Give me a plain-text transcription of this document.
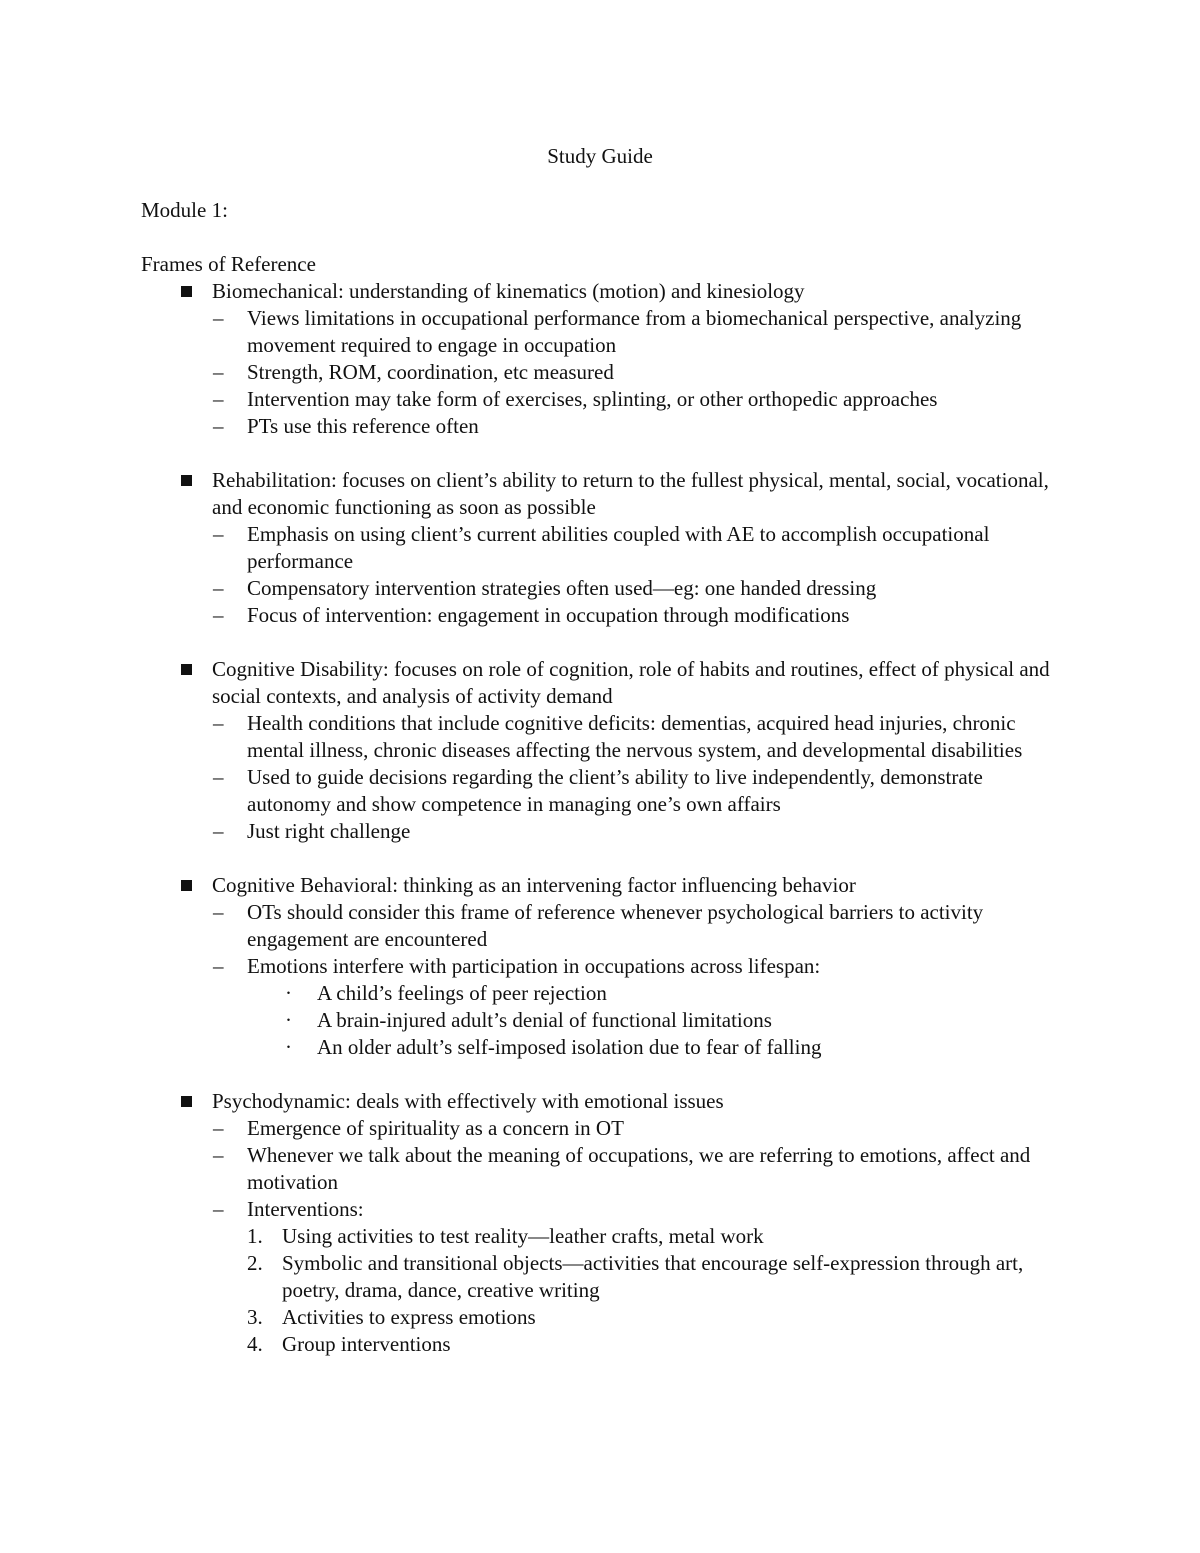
Study Guide

Module 1:

Frames of Reference

Biomechanical: understanding of kinematics (motion) and kinesiology

– Views limitations in occupational performance from a biomechanical perspective, analyzing movement required to engage in occupation
– Strength, ROM, coordination, etc measured
– Intervention may take form of exercises, splinting, or other orthopedic approaches
– PTs use this reference often

Rehabilitation: focuses on client’s ability to return to the fullest physical, mental, social, vocational, and economic functioning as soon as possible

– Emphasis on using client’s current abilities coupled with AE to accomplish occupational performance
– Compensatory intervention strategies often used—eg: one handed dressing
– Focus of intervention: engagement in occupation through modifications

Cognitive Disability: focuses on role of cognition, role of habits and routines, effect of physical and social contexts, and analysis of activity demand

– Health conditions that include cognitive deficits: dementias, acquired head injuries, chronic mental illness, chronic diseases affecting the nervous system, and developmental disabilities
– Used to guide decisions regarding the client’s ability to live independently, demonstrate autonomy and show competence in managing one’s own affairs
– Just right challenge

Cognitive Behavioral: thinking as an intervening factor influencing behavior

– OTs should consider this frame of reference whenever psychological barriers to activity engagement are encountered
– Emotions interfere with participation in occupations across lifespan:
· A child’s feelings of peer rejection
· A brain-injured adult’s denial of functional limitations
· An older adult’s self-imposed isolation due to fear of falling

Psychodynamic: deals with effectively with emotional issues

– Emergence of spirituality as a concern in OT
– Whenever we talk about the meaning of occupations, we are referring to emotions, affect and motivation
– Interventions:
1. Using activities to test reality—leather crafts, metal work
2. Symbolic and transitional objects—activities that encourage self-expression through art, poetry, drama, dance, creative writing
3. Activities to express emotions
4. Group interventions
